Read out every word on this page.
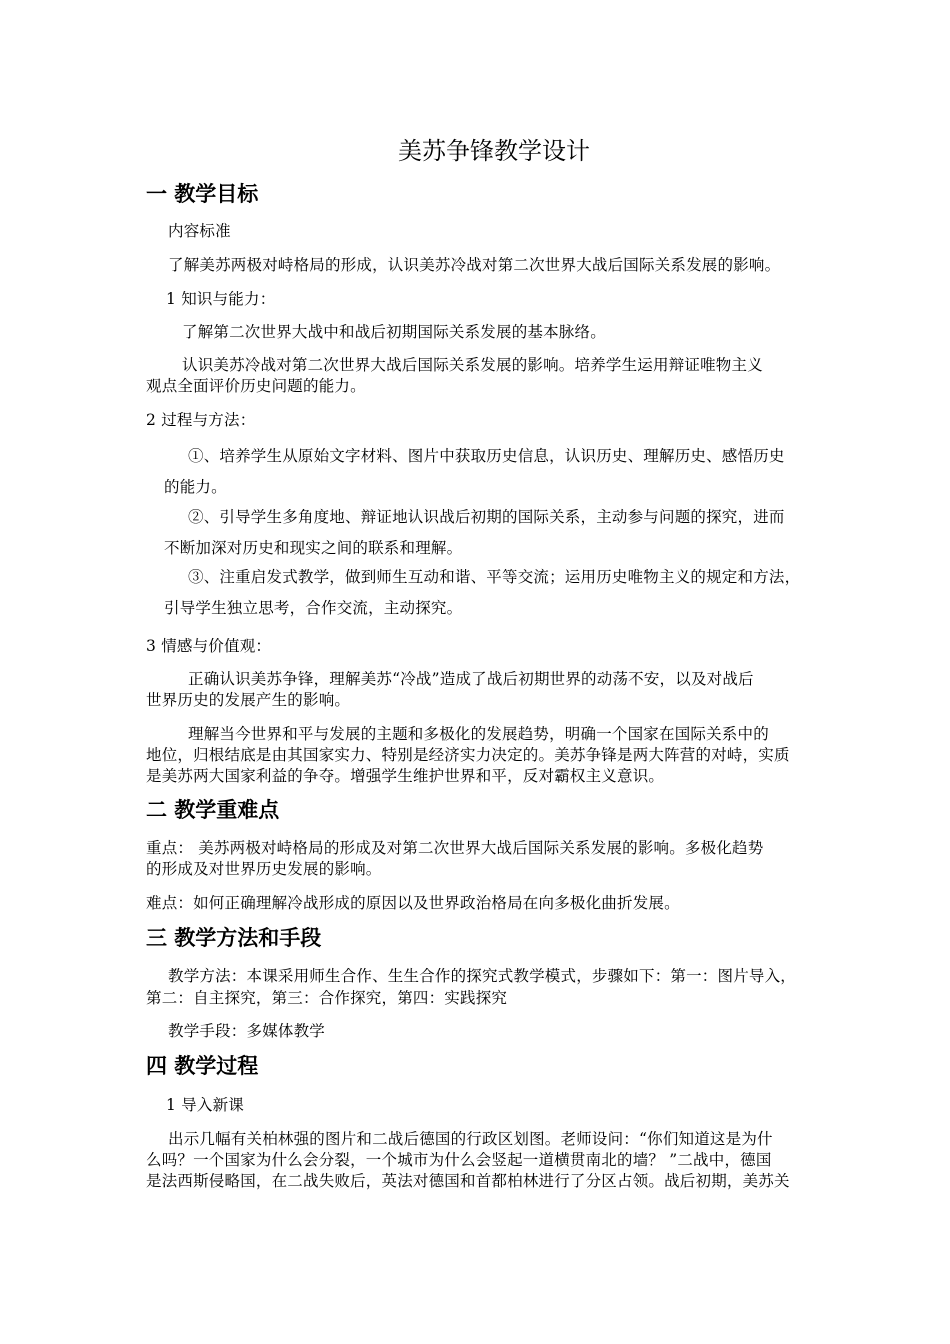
美苏争锋教学设计
一 教学目标
内容标准
了解美苏两极对峙格局的形成，认识美苏冷战对第二次世界大战后国际关系发展的影响。
1 知识与能力：
了解第二次世界大战中和战后初期国际关系发展的基本脉络。
认识美苏冷战对第二次世界大战后国际关系发展的影响。培养学生运用辩证唯物主义
观点全面评价历史问题的能力。
2 过程与方法：
①、培养学生从原始文字材料、图片中获取历史信息，认识历史、理解历史、感悟历史
的能力。
②、引导学生多角度地、辩证地认识战后初期的国际关系，主动参与问题的探究，进而
不断加深对历史和现实之间的联系和理解。
③、注重启发式教学，做到师生互动和谐、平等交流；运用历史唯物主义的规定和方法，
引导学生独立思考，合作交流，主动探究。
3 情感与价值观：
正确认识美苏争锋，理解美苏“冷战”造成了战后初期世界的动荡不安，以及对战后
世界历史的发展产生的影响。
理解当今世界和平与发展的主题和多极化的发展趋势，明确一个国家在国际关系中的
地位，归根结底是由其国家实力、特别是经济实力决定的。美苏争锋是两大阵营的对峙，实质
是美苏两大国家利益的争夺。增强学生维护世界和平，反对霸权主义意识。
二 教学重难点
重点： 美苏两极对峙格局的形成及对第二次世界大战后国际关系发展的影响。多极化趋势
的形成及对世界历史发展的影响。
难点：如何正确理解冷战形成的原因以及世界政治格局在向多极化曲折发展。
三 教学方法和手段
教学方法：本课采用师生合作、生生合作的探究式教学模式，步骤如下：第一：图片导入，
第二：自主探究，第三：合作探究，第四：实践探究
教学手段：多媒体教学
四 教学过程
1 导入新课
出示几幅有关柏林强的图片和二战后德国的行政区划图。老师设问：“你们知道这是为什
么吗？一个国家为什么会分裂，一个城市为什么会竖起一道横贯南北的墙？ ”二战中，德国
是法西斯侵略国，在二战失败后，英法对德国和首都柏林进行了分区占领。战后初期，美苏关
